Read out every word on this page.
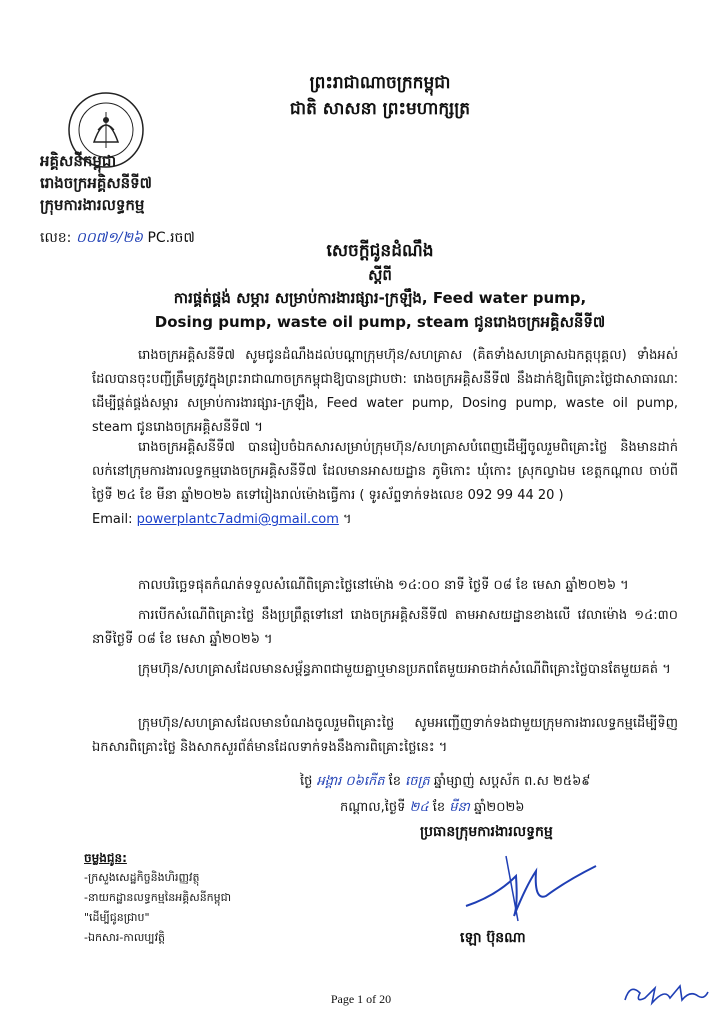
ព្រះរាជាណាចក្រកម្ពុជា
ជាតិ សាសនា ព្រះមហាក្សត្រ
អគ្គិសនីកម្ពុជា
រោងចក្រអគ្គិសនីទី៧
ក្រុមការងារលទ្ធកម្ម
លេខ: ០០៧១/២៦ PC.រច៧
សេចក្តីជូនដំណឹង
ស្តីពី
ការផ្គត់ផ្គង់ សម្ភារ សម្រាប់ការងារផ្សារ-ក្រឡឹង, Feed water pump,
Dosing pump, waste oil pump, steam ជូនរោងចក្រអគ្គិសនីទី៧
រោងចក្រអគ្គិសនីទី៧ សូមជូនដំណឹងដល់បណ្តាក្រុមហ៊ុន/សហគ្រាស (គិតទាំងសហគ្រាសឯកត្តបុគ្គល) ទាំងអស់ដែលបានចុះបញ្ជីត្រឹមត្រូវក្នុងព្រះរាជាណាចក្រកម្ពុជាឱ្យបានជ្រាបថា: រោងចក្រអគ្គិសនីទី៧ នឹងដាក់ឱ្យពិគ្រោះថ្លៃជាសាធារណៈដើម្បីផ្គត់ផ្គង់សម្ភារ សម្រាប់ការងារផ្សារ-ក្រឡឹង, Feed water pump, Dosing pump, waste oil pump, steam ជូនរោងចក្រអគ្គិសនីទី៧ ។
រោងចក្រអគ្គិសនីទី៧ បានរៀបចំឯកសារសម្រាប់ក្រុមហ៊ុន/សហគ្រាសបំពេញដើម្បីចូលរួមពិគ្រោះថ្លៃ និងមានដាក់លក់នៅក្រុមការងារលទ្ធកម្មរោងចក្រអគ្គិសនីទី៧ ដែលមានអាសយដ្ឋាន ភូមិកោះ ឃុំកោះ ស្រុកល្វាឯម ខេត្តកណ្តាល ចាប់ពីថ្ងៃទី ២៤ ខែ មីនា ឆ្នាំ២០២៦ តទៅរៀងរាល់ម៉ោងធ្វើការ ( ទូរស័ព្ទទាក់ទងលេខ 092 99 44 20 )
Email: powerplantc7admi@gmail.com ។
កាលបរិច្ឆេទផុតកំណត់ទទួលសំណើពិគ្រោះថ្លៃនៅម៉ោង ១៤:០០ នាទី ថ្ងៃទី ០៨ ខែ មេសា ឆ្នាំ២០២៦ ។
ការបើកសំណើពិគ្រោះថ្លៃ នឹងប្រព្រឹត្តទៅនៅ រោងចក្រអគ្គិសនីទី៧ តាមអាសយដ្ឋានខាងលើ វេលាម៉ោង ១៤:៣០ នាទីថ្ងៃទី ០៨ ខែ មេសា ឆ្នាំ២០២៦ ។
ក្រុមហ៊ុន/សហគ្រាសដែលមានសម្ព័ន្ធភាពជាមួយគ្នាឬមានប្រភពតែមួយអាចដាក់សំណើពិគ្រោះថ្លៃបានតែមួយគត់ ។
ក្រុមហ៊ុន/សហគ្រាសដែលមានបំណងចូលរួមពិគ្រោះថ្លៃ សូមអញ្ជើញទាក់ទងជាមួយក្រុមការងារលទ្ធកម្មដើម្បីទិញឯកសារពិគ្រោះថ្លៃ និងសាកសួរព័ត៌មានដែលទាក់ទងនឹងការពិគ្រោះថ្លៃនេះ ។
ថ្ងៃ អង្គារ ០៦កើត ខែ ចេត្រ ឆ្នាំម្សាញ់ សប្តស័ក ព.ស ២៥៦៩
កណ្តាល,ថ្ងៃទី ២៤ ខែ មីនា ឆ្នាំ២០២៦
ប្រធានក្រុមការងារលទ្ធកម្ម
ឡោ ប៊ុនណា
ចម្លងជូន:
-ក្រសួងសេដ្ឋកិច្ចនិងហិរញ្ញវត្ថុ
-នាយកដ្ឋានលទ្ធកម្មនៃអគ្គិសនីកម្ពុជា
"ដើម្បីជូនជ្រាប"
-ឯកសារ-កាលប្បវត្តិ
Page 1 of 20
